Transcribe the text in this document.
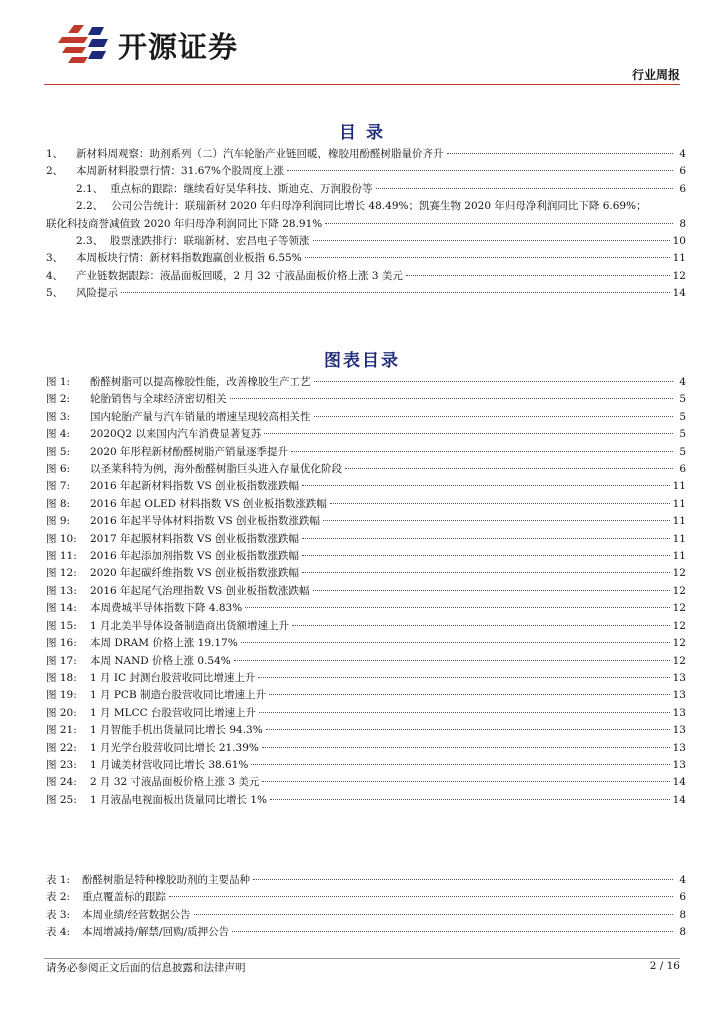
开源证券
行业周报
目 录
1、	新材料周观察：助剂系列（二）汽车轮胎产业链回暖，橡胶用酚醛树脂量价齐升	4
2、	本周新材料股票行情：31.67%个股周度上涨	6
2.1、 重点标的跟踪：继续看好昊华科技、斯迪克、万润股份等	6
2.2、 公司公告统计：联瑞新材 2020 年归母净利润同比增长 48.49%；凯赛生物 2020 年归母净利润同比下降 6.69%；
联化科技商誉减值致 2020 年归母净利润同比下降 28.91%	8
2.3、 股票涨跌排行：联瑞新材、宏昌电子等领涨	10
3、	本周板块行情：新材料指数跑赢创业板指 6.55%	11
4、	产业链数据跟踪：液晶面板回暖，2 月 32 寸液晶面板价格上涨 3 美元	12
5、	风险提示	14
图表目录
图 1:	酚醛树脂可以提高橡胶性能，改善橡胶生产工艺	4
图 2:	轮胎销售与全球经济密切相关	5
图 3:	国内轮胎产量与汽车销量的增速呈现较高相关性	5
图 4:	2020Q2 以来国内汽车消费显著复苏	5
图 5:	2020 年彤程新材酚醛树脂产销量逐季提升	5
图 6:	以圣莱科特为例，海外酚醛树脂巨头进入存量优化阶段	6
图 7:	2016 年起新材料指数 VS 创业板指数涨跌幅	11
图 8:	2016 年起 OLED 材料指数 VS 创业板指数涨跌幅	11
图 9:	2016 年起半导体材料指数 VS 创业板指数涨跌幅	11
图 10:	2017 年起膜材料指数 VS 创业板指数涨跌幅	11
图 11:	2016 年起添加剂指数 VS 创业板指数涨跌幅	11
图 12:	2020 年起碳纤维指数 VS 创业板指数涨跌幅	12
图 13:	2016 年起尾气治理指数 VS 创业板指数涨跌幅	12
图 14:	本周费城半导体指数下降 4.83%	12
图 15:	1 月北美半导体设备制造商出货额增速上升	12
图 16:	本周 DRAM 价格上涨 19.17%	12
图 17:	本周 NAND 价格上涨 0.54%	12
图 18:	1 月 IC 封测台股营收同比增速上升	13
图 19:	1 月 PCB 制造台股营收同比增速上升	13
图 20:	1 月 MLCC 台股营收同比增速上升	13
图 21:	1 月智能手机出货量同比增长 94.3%	13
图 22:	1 月光学台股营收同比增长 21.39%	13
图 23:	1 月诚美材营收同比增长 38.61%	13
图 24:	2 月 32 寸液晶面板价格上涨 3 美元	14
图 25:	1 月液晶电视面板出货量同比增长 1%	14
表 1:	酚醛树脂是特种橡胶助剂的主要品种	4
表 2:	重点覆盖标的跟踪	6
表 3:	本周业绩/经营数据公告	8
表 4:	本周增减持/解禁/回购/质押公告	8
请务必参阅正文后面的信息披露和法律声明	2 / 16
